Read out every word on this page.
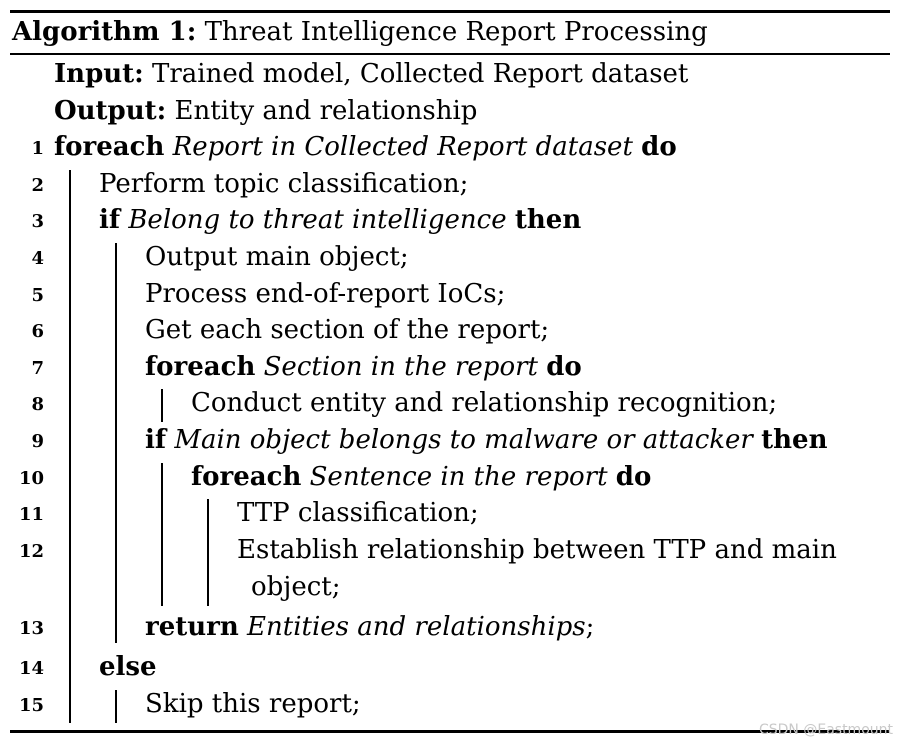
Algorithm 1: Threat Intelligence Report Processing
Input: Trained model, Collected Report dataset
Output: Entity and relationship
1 foreach Report in Collected Report dataset do
2 Perform topic classification;
3 if Belong to threat intelligence then
4	Output main object;
5	Process end-of-report IoCs;
6	Get each section of the report;
7	foreach Section in the report do
8	Conduct entity and relationship recognition;
9	if Main object belongs to malware or attacker then
10	foreach Sentence in the report do
11	TTP classification;
12	Establish relationship between TTP and main
object;
13	return Entities and relationships;
14 else
15	Skip this report;
CSDN @Eastmount
